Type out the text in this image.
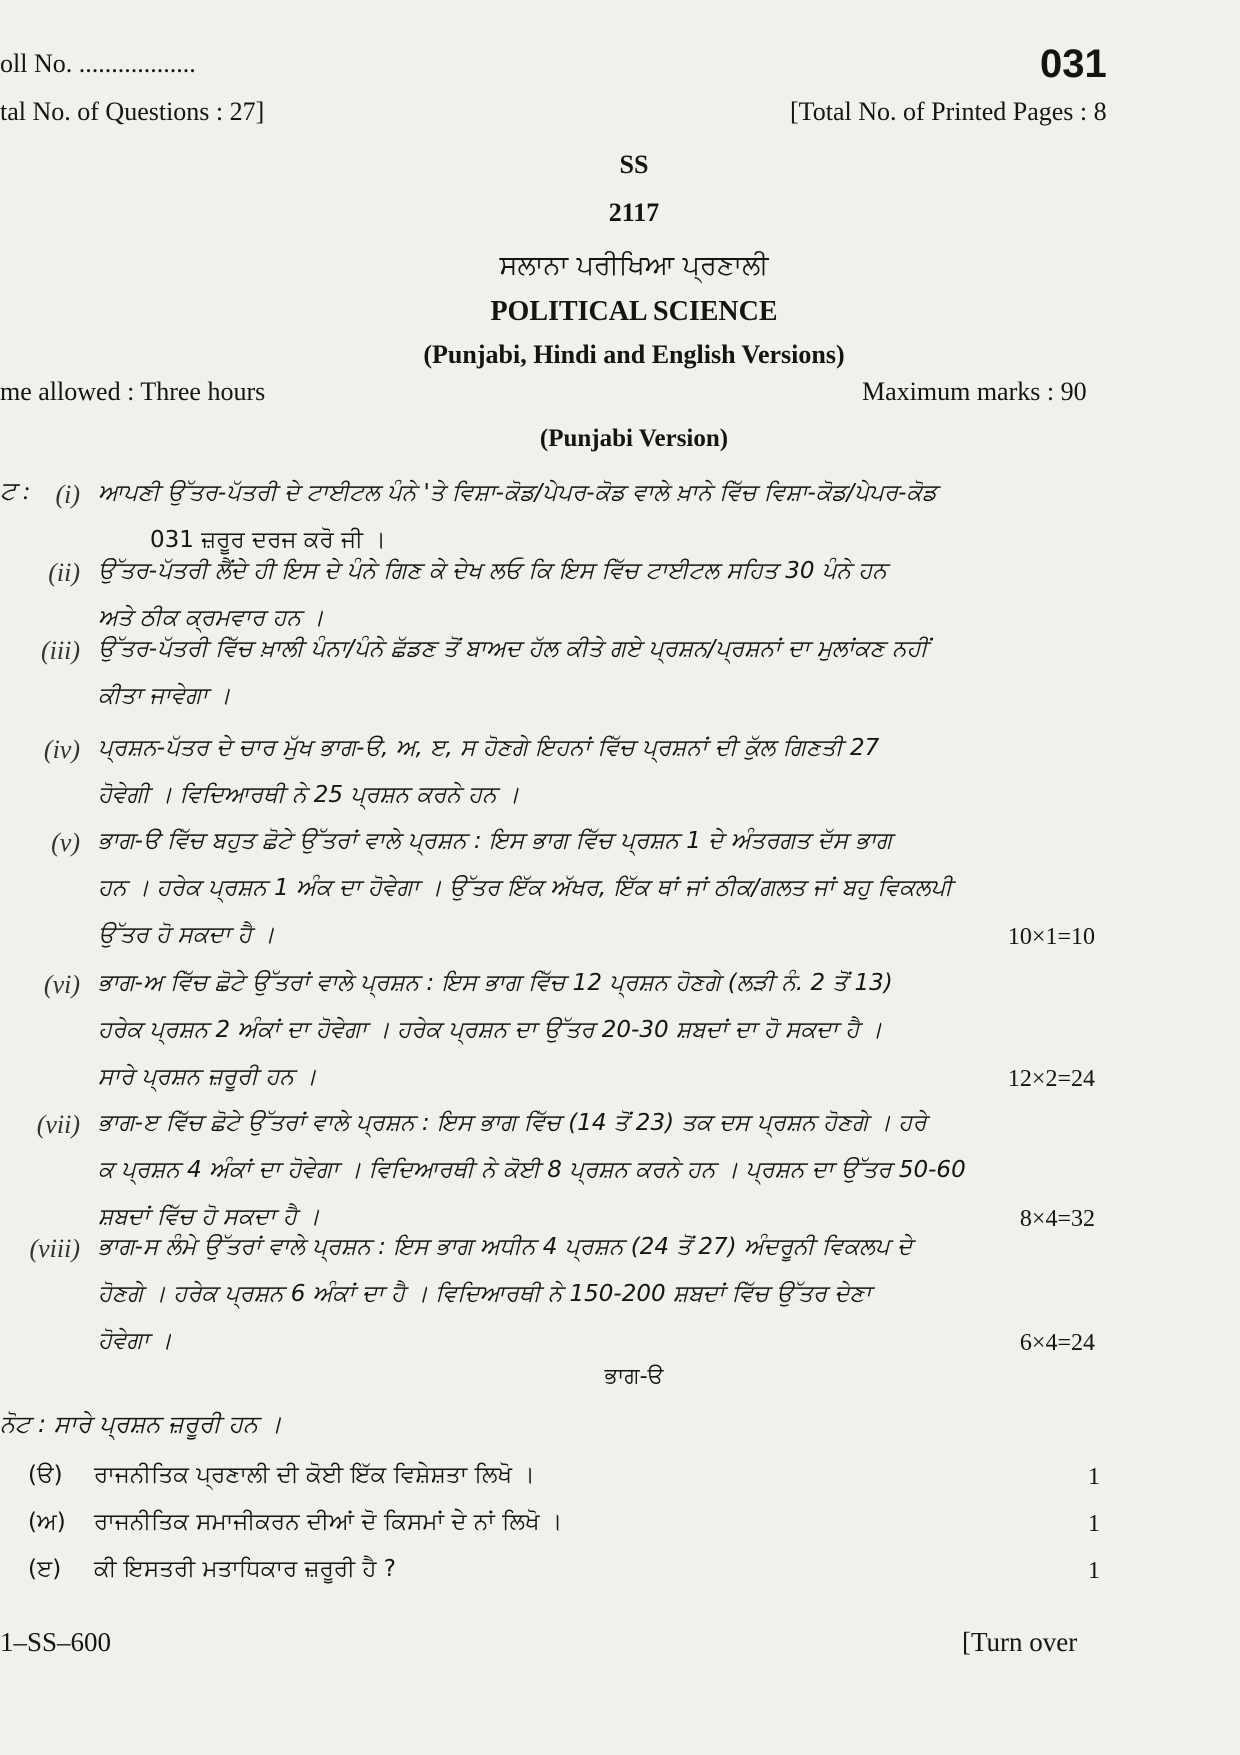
oll No. ..................	031
tal No. of Questions : 27]	[Total No. of Printed Pages : 8
SS
2117
ਸਲਾਨਾ ਪਰੀਖਿਆ ਪ੍ਰਣਾਲੀ
POLITICAL SCIENCE
(Punjabi, Hindi and English Versions)
me allowed : Three hours	Maximum marks : 90
(Punjabi Version)
ਟ : (i) ਆਪਣੀ ਉੱਤਰ-ਪੱਤਰੀ ਦੇ ਟਾਈਟਲ ਪੰਨੇ 'ਤੇ ਵਿਸ਼ਾ-ਕੋਡ/ਪੇਪਰ-ਕੋਡ ਵਾਲੇ ਖ਼ਾਨੇ ਵਿੱਚ ਵਿਸ਼ਾ-ਕੋਡ/ਪੇਪਰ-ਕੋਡ
031 ਜ਼ਰੂਰ ਦਰਜ ਕਰੋ ਜੀ ।
(ii) ਉੱਤਰ-ਪੱਤਰੀ ਲੈਂਦੇ ਹੀ ਇਸ ਦੇ ਪੰਨੇ ਗਿਣ ਕੇ ਦੇਖ ਲਓ ਕਿ ਇਸ ਵਿੱਚ ਟਾਈਟਲ ਸਹਿਤ 30 ਪੰਨੇ ਹਨ
ਅਤੇ ਠੀਕ ਕ੍ਰਮਵਾਰ ਹਨ ।
(iii) ਉੱਤਰ-ਪੱਤਰੀ ਵਿੱਚ ਖ਼ਾਲੀ ਪੰਨਾ/ਪੰਨੇ ਛੱਡਣ ਤੋਂ ਬਾਅਦ ਹੱਲ ਕੀਤੇ ਗਏ ਪ੍ਰਸ਼ਨ/ਪ੍ਰਸ਼ਨਾਂ ਦਾ ਮੁਲਾਂਕਣ ਨਹੀਂ
ਕੀਤਾ ਜਾਵੇਗਾ ।
(iv) ਪ੍ਰਸ਼ਨ-ਪੱਤਰ ਦੇ ਚਾਰ ਮੁੱਖ ਭਾਗ-ੳ, ਅ, ੲ, ਸ ਹੋਣਗੇ ਇਹਨਾਂ ਵਿੱਚ ਪ੍ਰਸ਼ਨਾਂ ਦੀ ਕੁੱਲ ਗਿਣਤੀ 27
ਹੋਵੇਗੀ । ਵਿਦਿਆਰਥੀ ਨੇ 25 ਪ੍ਰਸ਼ਨ ਕਰਨੇ ਹਨ ।
(v) ਭਾਗ-ੳ ਵਿੱਚ ਬਹੁਤ ਛੋਟੇ ਉੱਤਰਾਂ ਵਾਲੇ ਪ੍ਰਸ਼ਨ : ਇਸ ਭਾਗ ਵਿੱਚ ਪ੍ਰਸ਼ਨ 1 ਦੇ ਅੰਤਰਗਤ ਦੱਸ ਭਾਗ
ਹਨ । ਹਰੇਕ ਪ੍ਰਸ਼ਨ 1 ਅੰਕ ਦਾ ਹੋਵੇਗਾ । ਉੱਤਰ ਇੱਕ ਅੱਖਰ, ਇੱਕ ਥਾਂ ਜਾਂ ਠੀਕ/ਗਲਤ ਜਾਂ ਬਹੁ ਵਿਕਲਪੀ
ਉੱਤਰ ਹੋ ਸਕਦਾ ਹੈ ।	10×1=10
(vi) ਭਾਗ-ਅ ਵਿੱਚ ਛੋਟੇ ਉੱਤਰਾਂ ਵਾਲੇ ਪ੍ਰਸ਼ਨ : ਇਸ ਭਾਗ ਵਿੱਚ 12 ਪ੍ਰਸ਼ਨ ਹੋਣਗੇ (ਲੜੀ ਨੰ. 2 ਤੋਂ 13)
ਹਰੇਕ ਪ੍ਰਸ਼ਨ 2 ਅੰਕਾਂ ਦਾ ਹੋਵੇਗਾ । ਹਰੇਕ ਪ੍ਰਸ਼ਨ ਦਾ ਉੱਤਰ 20-30 ਸ਼ਬਦਾਂ ਦਾ ਹੋ ਸਕਦਾ ਹੈ ।
ਸਾਰੇ ਪ੍ਰਸ਼ਨ ਜ਼ਰੂਰੀ ਹਨ ।	12×2=24
(vii) ਭਾਗ-ੲ ਵਿੱਚ ਛੋਟੇ ਉੱਤਰਾਂ ਵਾਲੇ ਪ੍ਰਸ਼ਨ : ਇਸ ਭਾਗ ਵਿੱਚ (14 ਤੋਂ 23) ਤਕ ਦਸ ਪ੍ਰਸ਼ਨ ਹੋਣਗੇ । ਹਰੇ
ਕ ਪ੍ਰਸ਼ਨ 4 ਅੰਕਾਂ ਦਾ ਹੋਵੇਗਾ । ਵਿਦਿਆਰਥੀ ਨੇ ਕੋਈ 8 ਪ੍ਰਸ਼ਨ ਕਰਨੇ ਹਨ । ਪ੍ਰਸ਼ਨ ਦਾ ਉੱਤਰ 50-60
ਸ਼ਬਦਾਂ ਵਿੱਚ ਹੋ ਸਕਦਾ ਹੈ ।	8×4=32
(viii) ਭਾਗ-ਸ ਲੰਮੇ ਉੱਤਰਾਂ ਵਾਲੇ ਪ੍ਰਸ਼ਨ : ਇਸ ਭਾਗ ਅਧੀਨ 4 ਪ੍ਰਸ਼ਨ (24 ਤੋਂ 27) ਅੰਦਰੂਨੀ ਵਿਕਲਪ ਦੇ
ਹੋਣਗੇ । ਹਰੇਕ ਪ੍ਰਸ਼ਨ 6 ਅੰਕਾਂ ਦਾ ਹੈ । ਵਿਦਿਆਰਥੀ ਨੇ 150-200 ਸ਼ਬਦਾਂ ਵਿੱਚ ਉੱਤਰ ਦੇਣਾ
ਹੋਵੇਗਾ ।	6×4=24
ਭਾਗ-ੳ
ਨੋਟ : ਸਾਰੇ ਪ੍ਰਸ਼ਨ ਜ਼ਰੂਰੀ ਹਨ ।
(ੳ) ਰਾਜਨੀਤਿਕ ਪ੍ਰਣਾਲੀ ਦੀ ਕੋਈ ਇੱਕ ਵਿਸ਼ੇਸ਼ਤਾ ਲਿਖੋ ।	1
(ਅ) ਰਾਜਨੀਤਿਕ ਸਮਾਜੀਕਰਨ ਦੀਆਂ ਦੋ ਕਿਸਮਾਂ ਦੇ ਨਾਂ ਲਿਖੋ ।	1
(ੲ) ਕੀ ਇਸਤਰੀ ਮਤਾਧਿਕਾਰ ਜ਼ਰੂਰੀ ਹੈ ?	1
1–SS–600	[Turn over
